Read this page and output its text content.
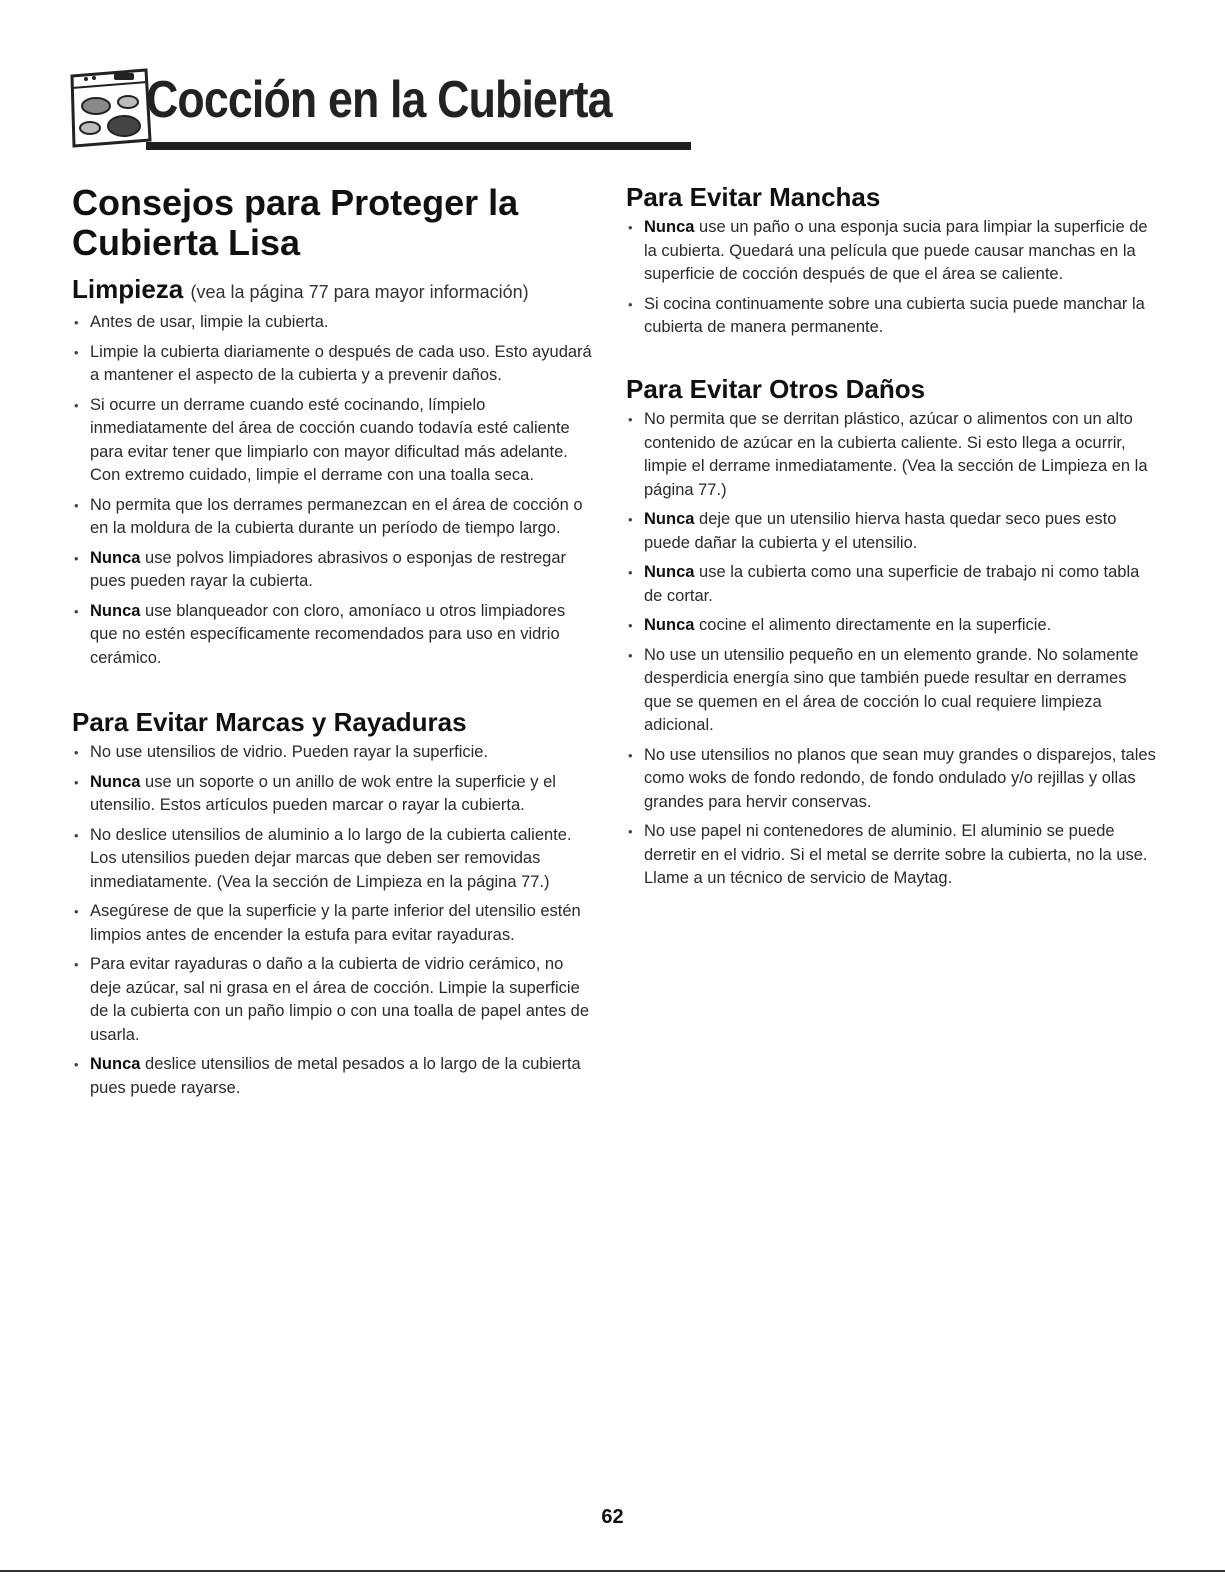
Cocción en la Cubierta
Consejos para Proteger la Cubierta Lisa
Limpieza (vea la página 77 para mayor información)
• Antes de usar, limpie la cubierta.
• Limpie la cubierta diariamente o después de cada uso. Esto ayudará a mantener el aspecto de la cubierta y a prevenir daños.
• Si ocurre un derrame cuando esté cocinando, límpielo inmediatamente del área de cocción cuando todavía esté caliente para evitar tener que limpiarlo con mayor dificultad más adelante. Con extremo cuidado, limpie el derrame con una toalla seca.
• No permita que los derrames permanezcan en el área de cocción o en la moldura de la cubierta durante un período de tiempo largo.
• Nunca use polvos limpiadores abrasivos o esponjas de restregar pues pueden rayar la cubierta.
• Nunca use blanqueador con cloro, amoníaco u otros limpiadores que no estén específicamente recomendados para uso en vidrio cerámico.
Para Evitar Marcas y Rayaduras
• No use utensilios de vidrio. Pueden rayar la superficie.
• Nunca use un soporte o un anillo de wok entre la superficie y el utensilio. Estos artículos pueden marcar o rayar la cubierta.
• No deslice utensilios de aluminio a lo largo de la cubierta caliente. Los utensilios pueden dejar marcas que deben ser removidas inmediatamente. (Vea la sección de Limpieza en la página 77.)
• Asegúrese de que la superficie y la parte inferior del utensilio estén limpios antes de encender la estufa para evitar rayaduras.
• Para evitar rayaduras o daño a la cubierta de vidrio cerámico, no deje azúcar, sal ni grasa en el área de cocción. Limpie la superficie de la cubierta con un paño limpio o con una toalla de papel antes de usarla.
• Nunca deslice utensilios de metal pesados a lo largo de la cubierta pues puede rayarse.
Para Evitar Manchas
• Nunca use un paño o una esponja sucia para limpiar la superficie de la cubierta. Quedará una película que puede causar manchas en la superficie de cocción después de que el área se caliente.
• Si cocina continuamente sobre una cubierta sucia puede manchar la cubierta de manera permanente.
Para Evitar Otros Daños
• No permita que se derritan plástico, azúcar o alimentos con un alto contenido de azúcar en la cubierta caliente. Si esto llega a ocurrir, limpie el derrame inmediatamente. (Vea la sección de Limpieza en la página 77.)
• Nunca deje que un utensilio hierva hasta quedar seco pues esto puede dañar la cubierta y el utensilio.
• Nunca use la cubierta como una superficie de trabajo ni como tabla de cortar.
• Nunca cocine el alimento directamente en la superficie.
• No use un utensilio pequeño en un elemento grande. No solamente desperdicia energía sino que también puede resultar en derrames que se quemen en el área de cocción lo cual requiere limpieza adicional.
• No use utensilios no planos que sean muy grandes o disparejos, tales como woks de fondo redondo, de fondo ondulado y/o rejillas y ollas grandes para hervir conservas.
• No use papel ni contenedores de aluminio. El aluminio se puede derretir en el vidrio. Si el metal se derrite sobre la cubierta, no la use. Llame a un técnico de servicio de Maytag.
62
